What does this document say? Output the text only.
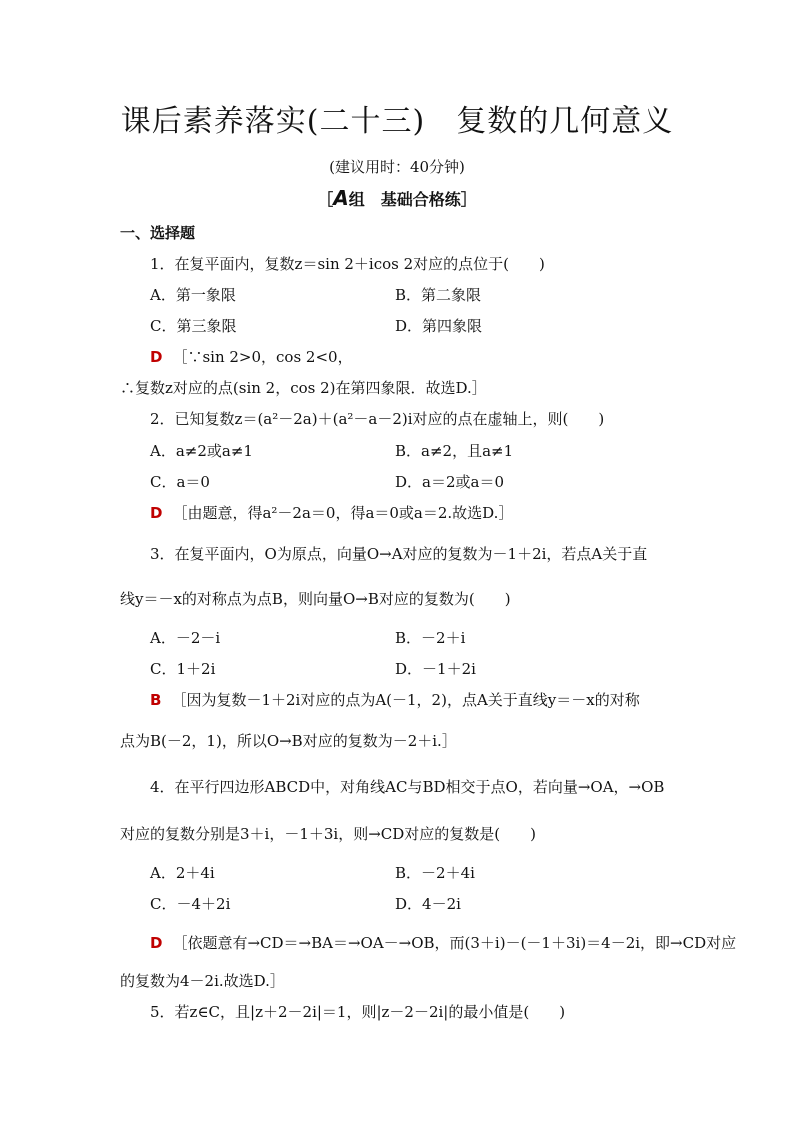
课后素养落实(二十三)　复数的几何意义
(建议用时：40分钟)
［A组　基础合格练］
一、选择题
1．在复平面内，复数z＝sin 2＋icos 2对应的点位于(　　)
A．第一象限	B．第二象限
C．第三象限	D．第四象限
D ［∵sin 2>0，cos 2<0，
∴复数z对应的点(sin 2，cos 2)在第四象限．故选D.］
2．已知复数z＝(a²－2a)＋(a²－a－2)i对应的点在虚轴上，则(　　)
A．a≠2或a≠1	B．a≠2，且a≠1
C．a＝0	D．a＝2或a＝0
D ［由题意，得a²－2a＝0，得a＝0或a＝2.故选D.］
3．在复平面内，O为原点，向量O→A对应的复数为－1＋2i，若点A关于直
线y＝－x的对称点为点B，则向量O→B对应的复数为(　　)
A．－2－i	B．－2＋i
C．1＋2i	D．－1＋2i
B ［因为复数－1＋2i对应的点为A(－1，2)，点A关于直线y＝－x的对称
点为B(－2，1)，所以O→B对应的复数为－2＋i.］
4．在平行四边形ABCD中，对角线AC与BD相交于点O，若向量→OA，→OB
对应的复数分别是3＋i，－1＋3i，则→CD对应的复数是(　　)
A．2＋4i	B．－2＋4i
C．－4＋2i	D．4－2i
D ［依题意有→CD＝→BA＝→OA－→OB，而(3＋i)－(－1＋3i)＝4－2i，即→CD对应
的复数为4－2i.故选D.］
5．若z∈C，且|z＋2－2i|＝1，则|z－2－2i|的最小值是(　　)
